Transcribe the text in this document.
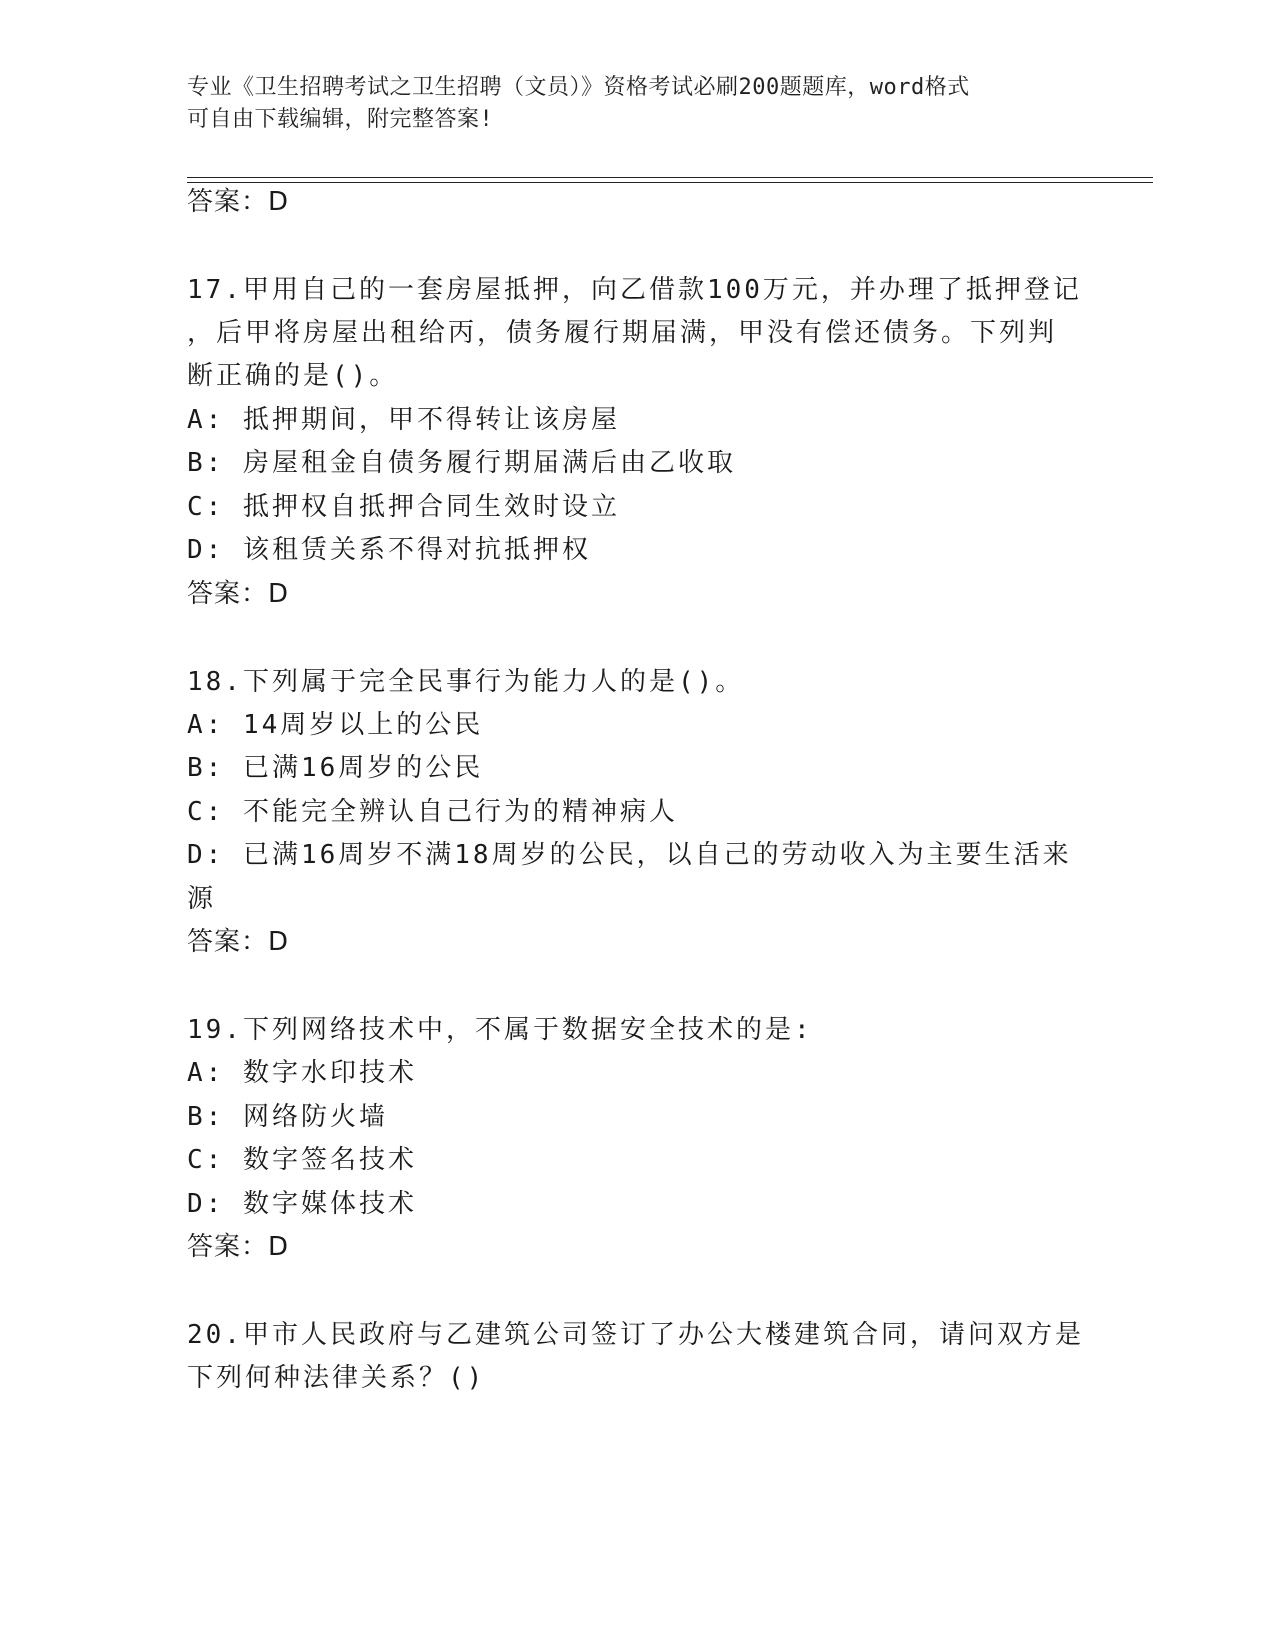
专业《卫生招聘考试之卫生招聘（文员）》资格考试必刷200题题库，word格式
可自由下载编辑，附完整答案!
答案：D
17.甲用自己的一套房屋抵押，向乙借款100万元，并办理了抵押登记
，后甲将房屋出租给丙，债务履行期届满，甲没有偿还债务。下列判
断正确的是()。
A: 抵押期间，甲不得转让该房屋
B: 房屋租金自债务履行期届满后由乙收取
C: 抵押权自抵押合同生效时设立
D: 该租赁关系不得对抗抵押权
答案：D
18.下列属于完全民事行为能力人的是()。
A: 14周岁以上的公民
B: 已满16周岁的公民
C: 不能完全辨认自己行为的精神病人
D: 已满16周岁不满18周岁的公民，以自己的劳动收入为主要生活来
源
答案：D
19.下列网络技术中，不属于数据安全技术的是:
A: 数字水印技术
B: 网络防火墙
C: 数字签名技术
D: 数字媒体技术
答案：D
20.甲市人民政府与乙建筑公司签订了办公大楼建筑合同，请问双方是
下列何种法律关系？()
